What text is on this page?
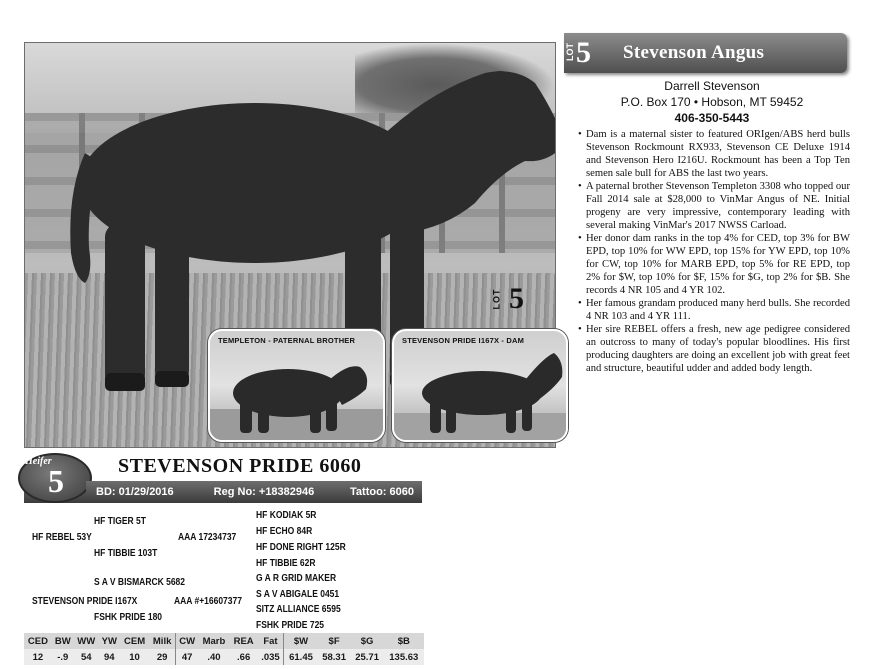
LOT 5
TEMPLETON - PATERNAL BROTHER	STEVENSON PRIDE I167X - DAM
LOT 5 Stevenson Angus
Darrell Stevenson
P.O. Box 170 • Hobson, MT 59452
406-350-5443
• Dam is a maternal sister to featured ORIgen/ABS herd bulls Stevenson Rockmount RX933, Stevenson CE Deluxe 1914 and Stevenson Hero I216U. Rockmount has been a Top Ten semen sale bull for ABS the last two years.
• A paternal brother Stevenson Templeton 3308 who topped our Fall 2014 sale at $28,000 to VinMar Angus of NE. Initial progeny are very impressive, contemporary leading with several making VinMar's 2017 NWSS Carload.
• Her donor dam ranks in the top 4% for CED, top 3% for BW EPD, top 10% for WW EPD, top 15% for YW EPD, top 10% for CW, top 10% for MARB EPD, top 5% for RE EPD, top 2% for $W, top 10% for $F, 15% for $G, top 2% for $B. She records 4 NR 105 and 4 YR 102.
• Her famous grandam produced many herd bulls. She recorded 4 NR 103 and 4 YR 111.
• Her sire REBEL offers a fresh, new age pedigree considered an outcross to many of today's popular bloodlines. His first producing daughters are doing an excellent job with great feet and structure, beautiful udder and added body length.
Heifer
5	STEVENSON PRIDE 6060
BD: 01/29/2016	Reg No: +18382946	Tattoo: 6060
HF TIGER 5T
HF REBEL 53Y	AAA 17234737
HF TIBBIE 103T
HF KODIAK 5R
HF ECHO 84R
HF DONE RIGHT 125R
HF TIBBIE 62R
S A V BISMARCK 5682
STEVENSON PRIDE I167X	AAA #+16607377
FSHK PRIDE 180
G A R GRID MAKER
S A V ABIGALE 0451
SITZ ALLIANCE 6595
FSHK PRIDE 725
CED	BW	WW	YW	CEM	Milk	CW	Marb	REA	Fat	$W	$F	$G	$B
12	-.9	54	94	10	29	47	.40	.66	.035	61.45	58.31	25.71	135.63
